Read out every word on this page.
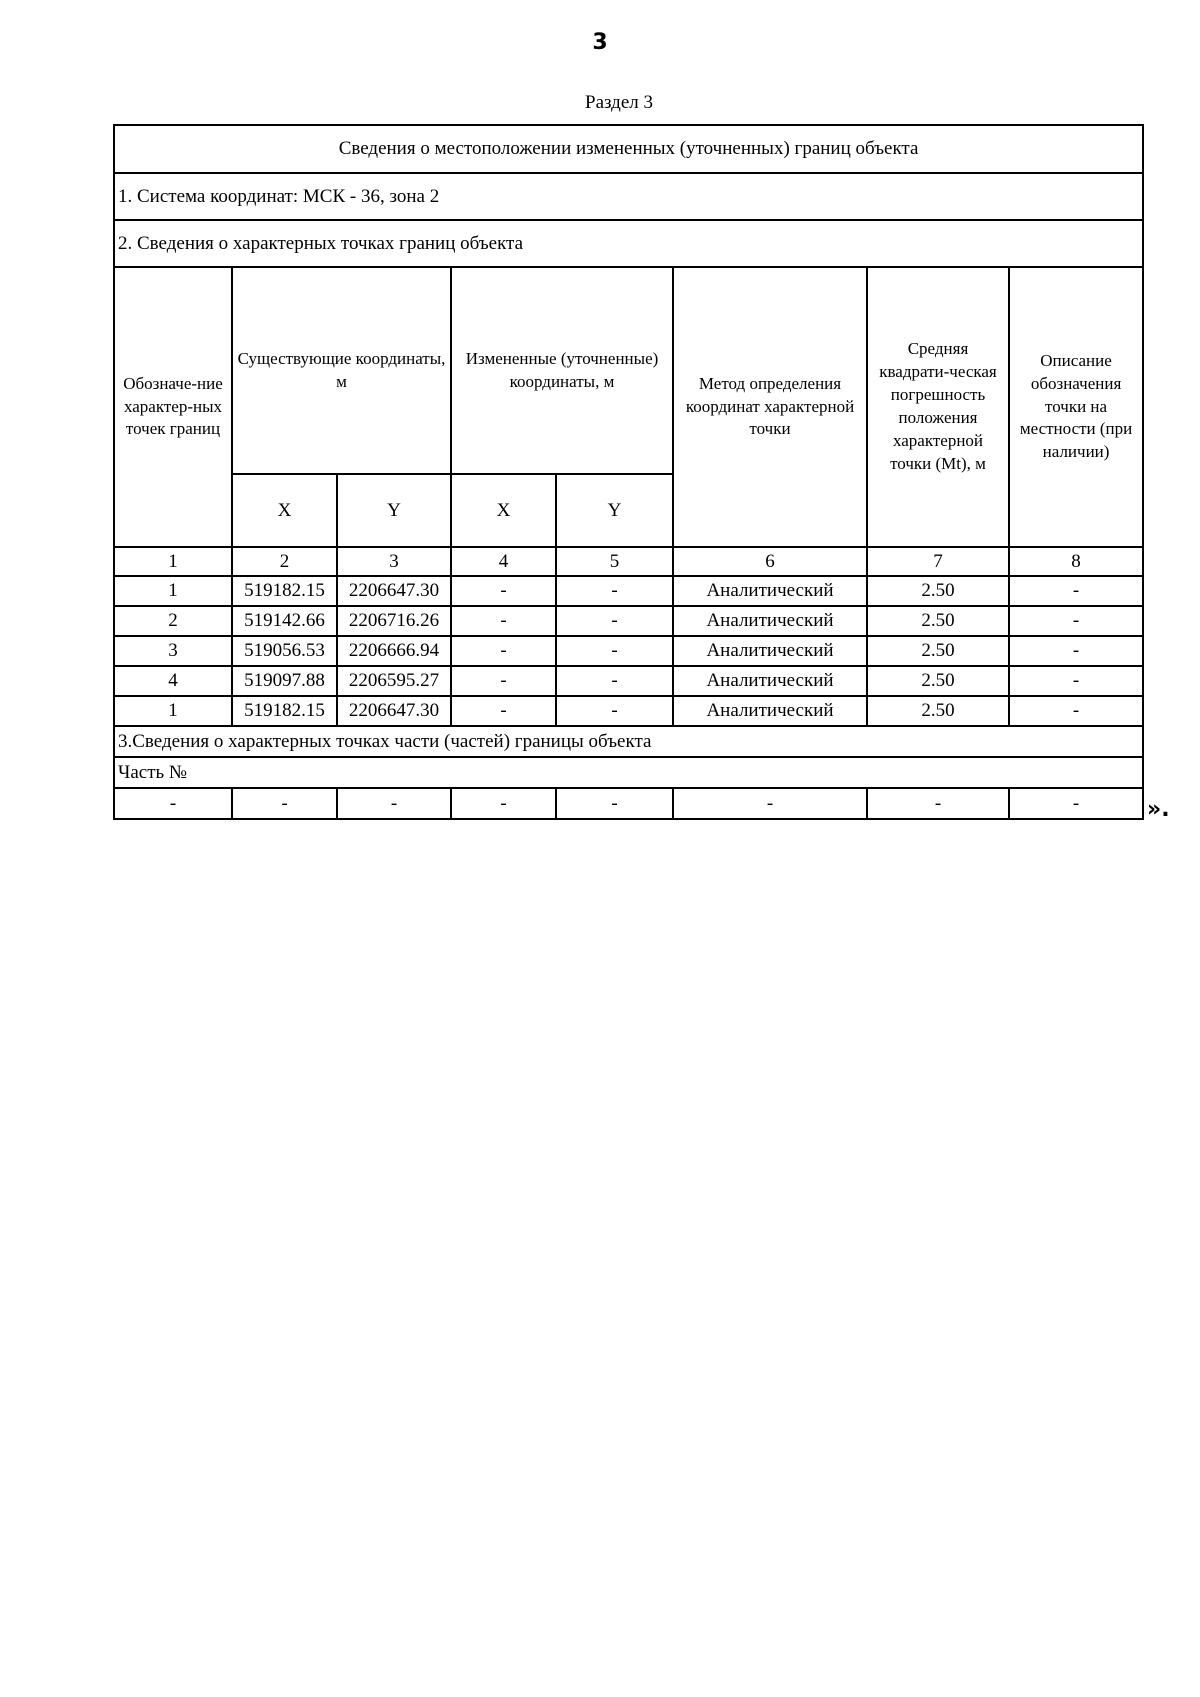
3
Раздел 3
Сведения о местоположении измененных (уточненных) границ объекта							
1. Система координат: МСК - 36, зона 2							
2. Сведения о характерных точках границ объекта							
Обозначе-ние характер-ных точек границ	Существующие координаты, м		Измененные (уточненные) координаты, м		Метод определения координат характерной точки	Средняя квадрати-ческая погрешность положения характерной точки (Mt), м	Описание обозначения точки на местности (при наличии)
	X	Y	X	Y			
1	2	3	4	5	6	7	8
1	519182.15	2206647.30	-	-	Аналитический	2.50	-
2	519142.66	2206716.26	-	-	Аналитический	2.50	-
3	519056.53	2206666.94	-	-	Аналитический	2.50	-
4	519097.88	2206595.27	-	-	Аналитический	2.50	-
1	519182.15	2206647.30	-	-	Аналитический	2.50	-
3.Сведения о характерных точках части (частей) границы объекта							
Часть №							
-	-	-	-	-	-	-	-	».
